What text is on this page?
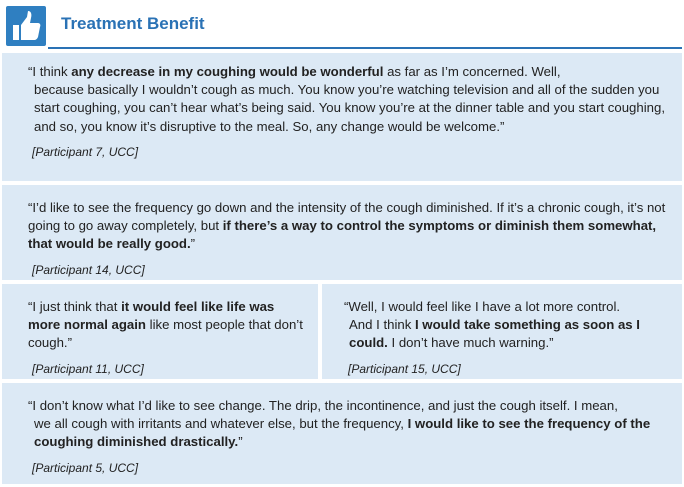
Treatment Benefit

“I think any decrease in my coughing would be wonderful as far as I’m concerned. Well,

because basically I wouldn’t cough as much. You know you’re watching television and all of the sudden you start coughing, you can’t hear what’s being said. You know you’re at the dinner table and you start coughing, and so, you know it’s disruptive to the meal. So, any change would be welcome.”

[Participant 7, UCC]

“I’d like to see the frequency go down and the intensity of the cough diminished. If it’s a chronic cough, it’s not going to go away completely, but if there’s a way to control the symptoms or diminish them somewhat, that would be really good.”

[Participant 14, UCC]

“I just think that it would feel like life was more normal again like most people that don’t cough.”

[Participant 11, UCC]

“Well, I would feel like I have a lot more control.

And I think I would take something as soon as I could. I don’t have much warning.”

[Participant 15, UCC]

“I don’t know what I’d like to see change. The drip, the incontinence, and just the cough itself. I mean,

we all cough with irritants and whatever else, but the frequency, I would like to see the frequency of the coughing diminished drastically.”

[Participant 5, UCC]
